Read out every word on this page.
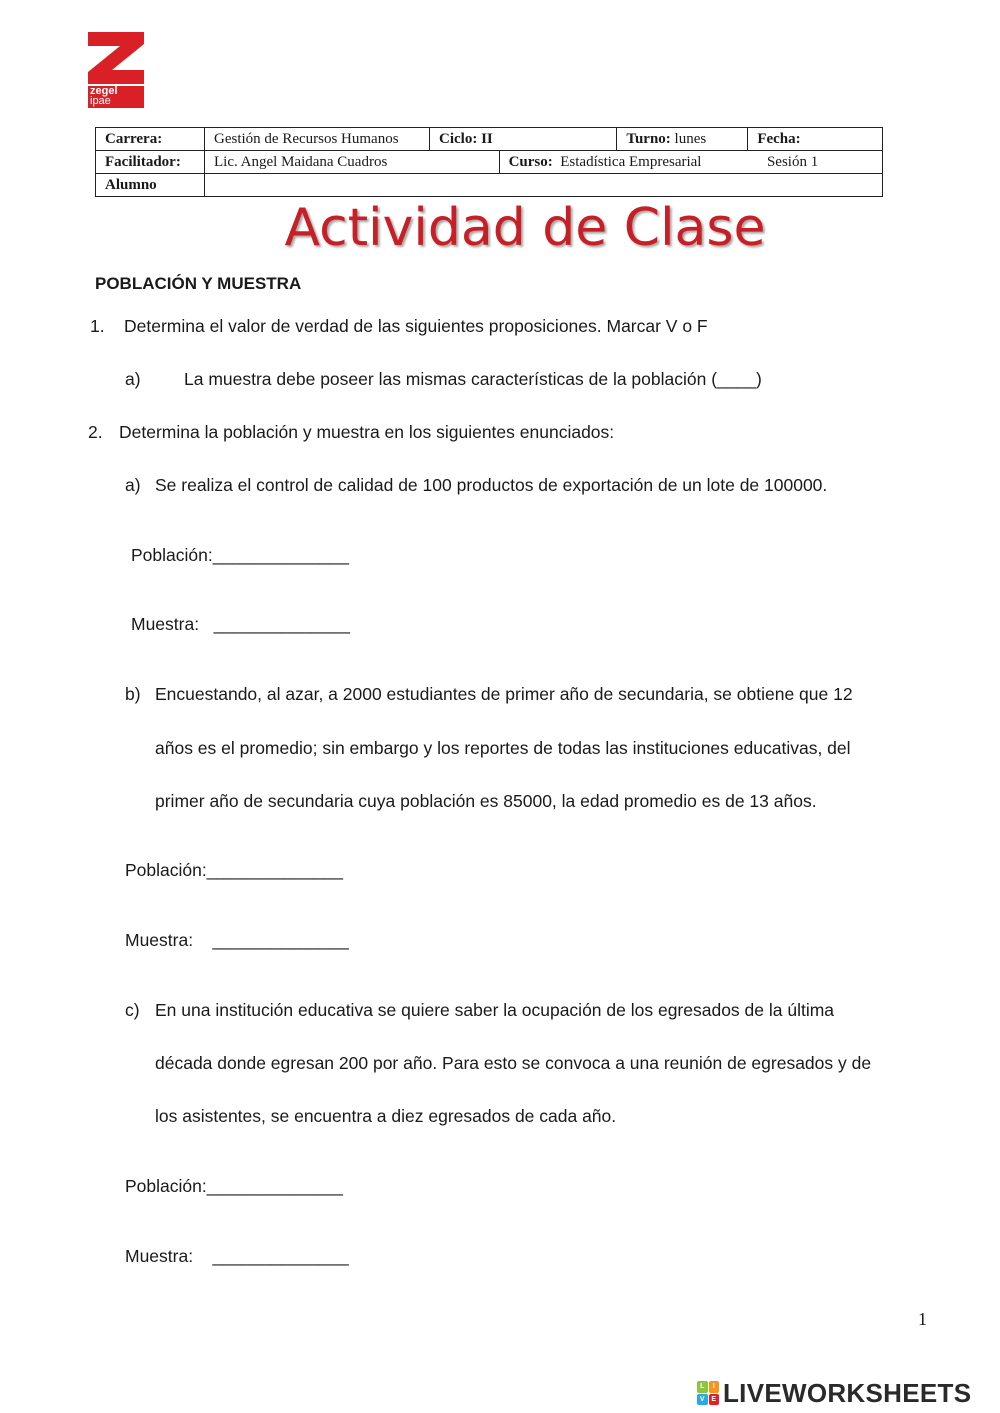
zegel
ipae
Carrera:	Gestión de Recursos Humanos	Ciclo: II		Turno: lunes	Fecha:
Facilitador:	Lic. Angel Maidana Cuadros		Curso: Estadística Empresarial Sesión 1		
Alumno					
Actividad de Clase
POBLACIÓN Y MUESTRA
1. Determina el valor de verdad de las siguientes proposiciones. Marcar V o F
a) La muestra debe poseer las mismas características de la población (____)
2. Determina la población y muestra en los siguientes enunciados:
a) Se realiza el control de calidad de 100 productos de exportación de un lote de 100000.
Población:______________
Muestra: ______________
b) Encuestando, al azar, a 2000 estudiantes de primer año de secundaria, se obtiene que 12
años es el promedio; sin embargo y los reportes de todas las instituciones educativas, del
primer año de secundaria cuya población es 85000, la edad promedio es de 13 años.
Población:______________
Muestra: ______________
c) En una institución educativa se quiere saber la ocupación de los egresados de la última
década donde egresan 200 por año. Para esto se convoca a una reunión de egresados y de
los asistentes, se encuentra a diez egresados de cada año.
Población:______________
Muestra: ______________
1
L	I
V E LIVEWORKSHEETS
